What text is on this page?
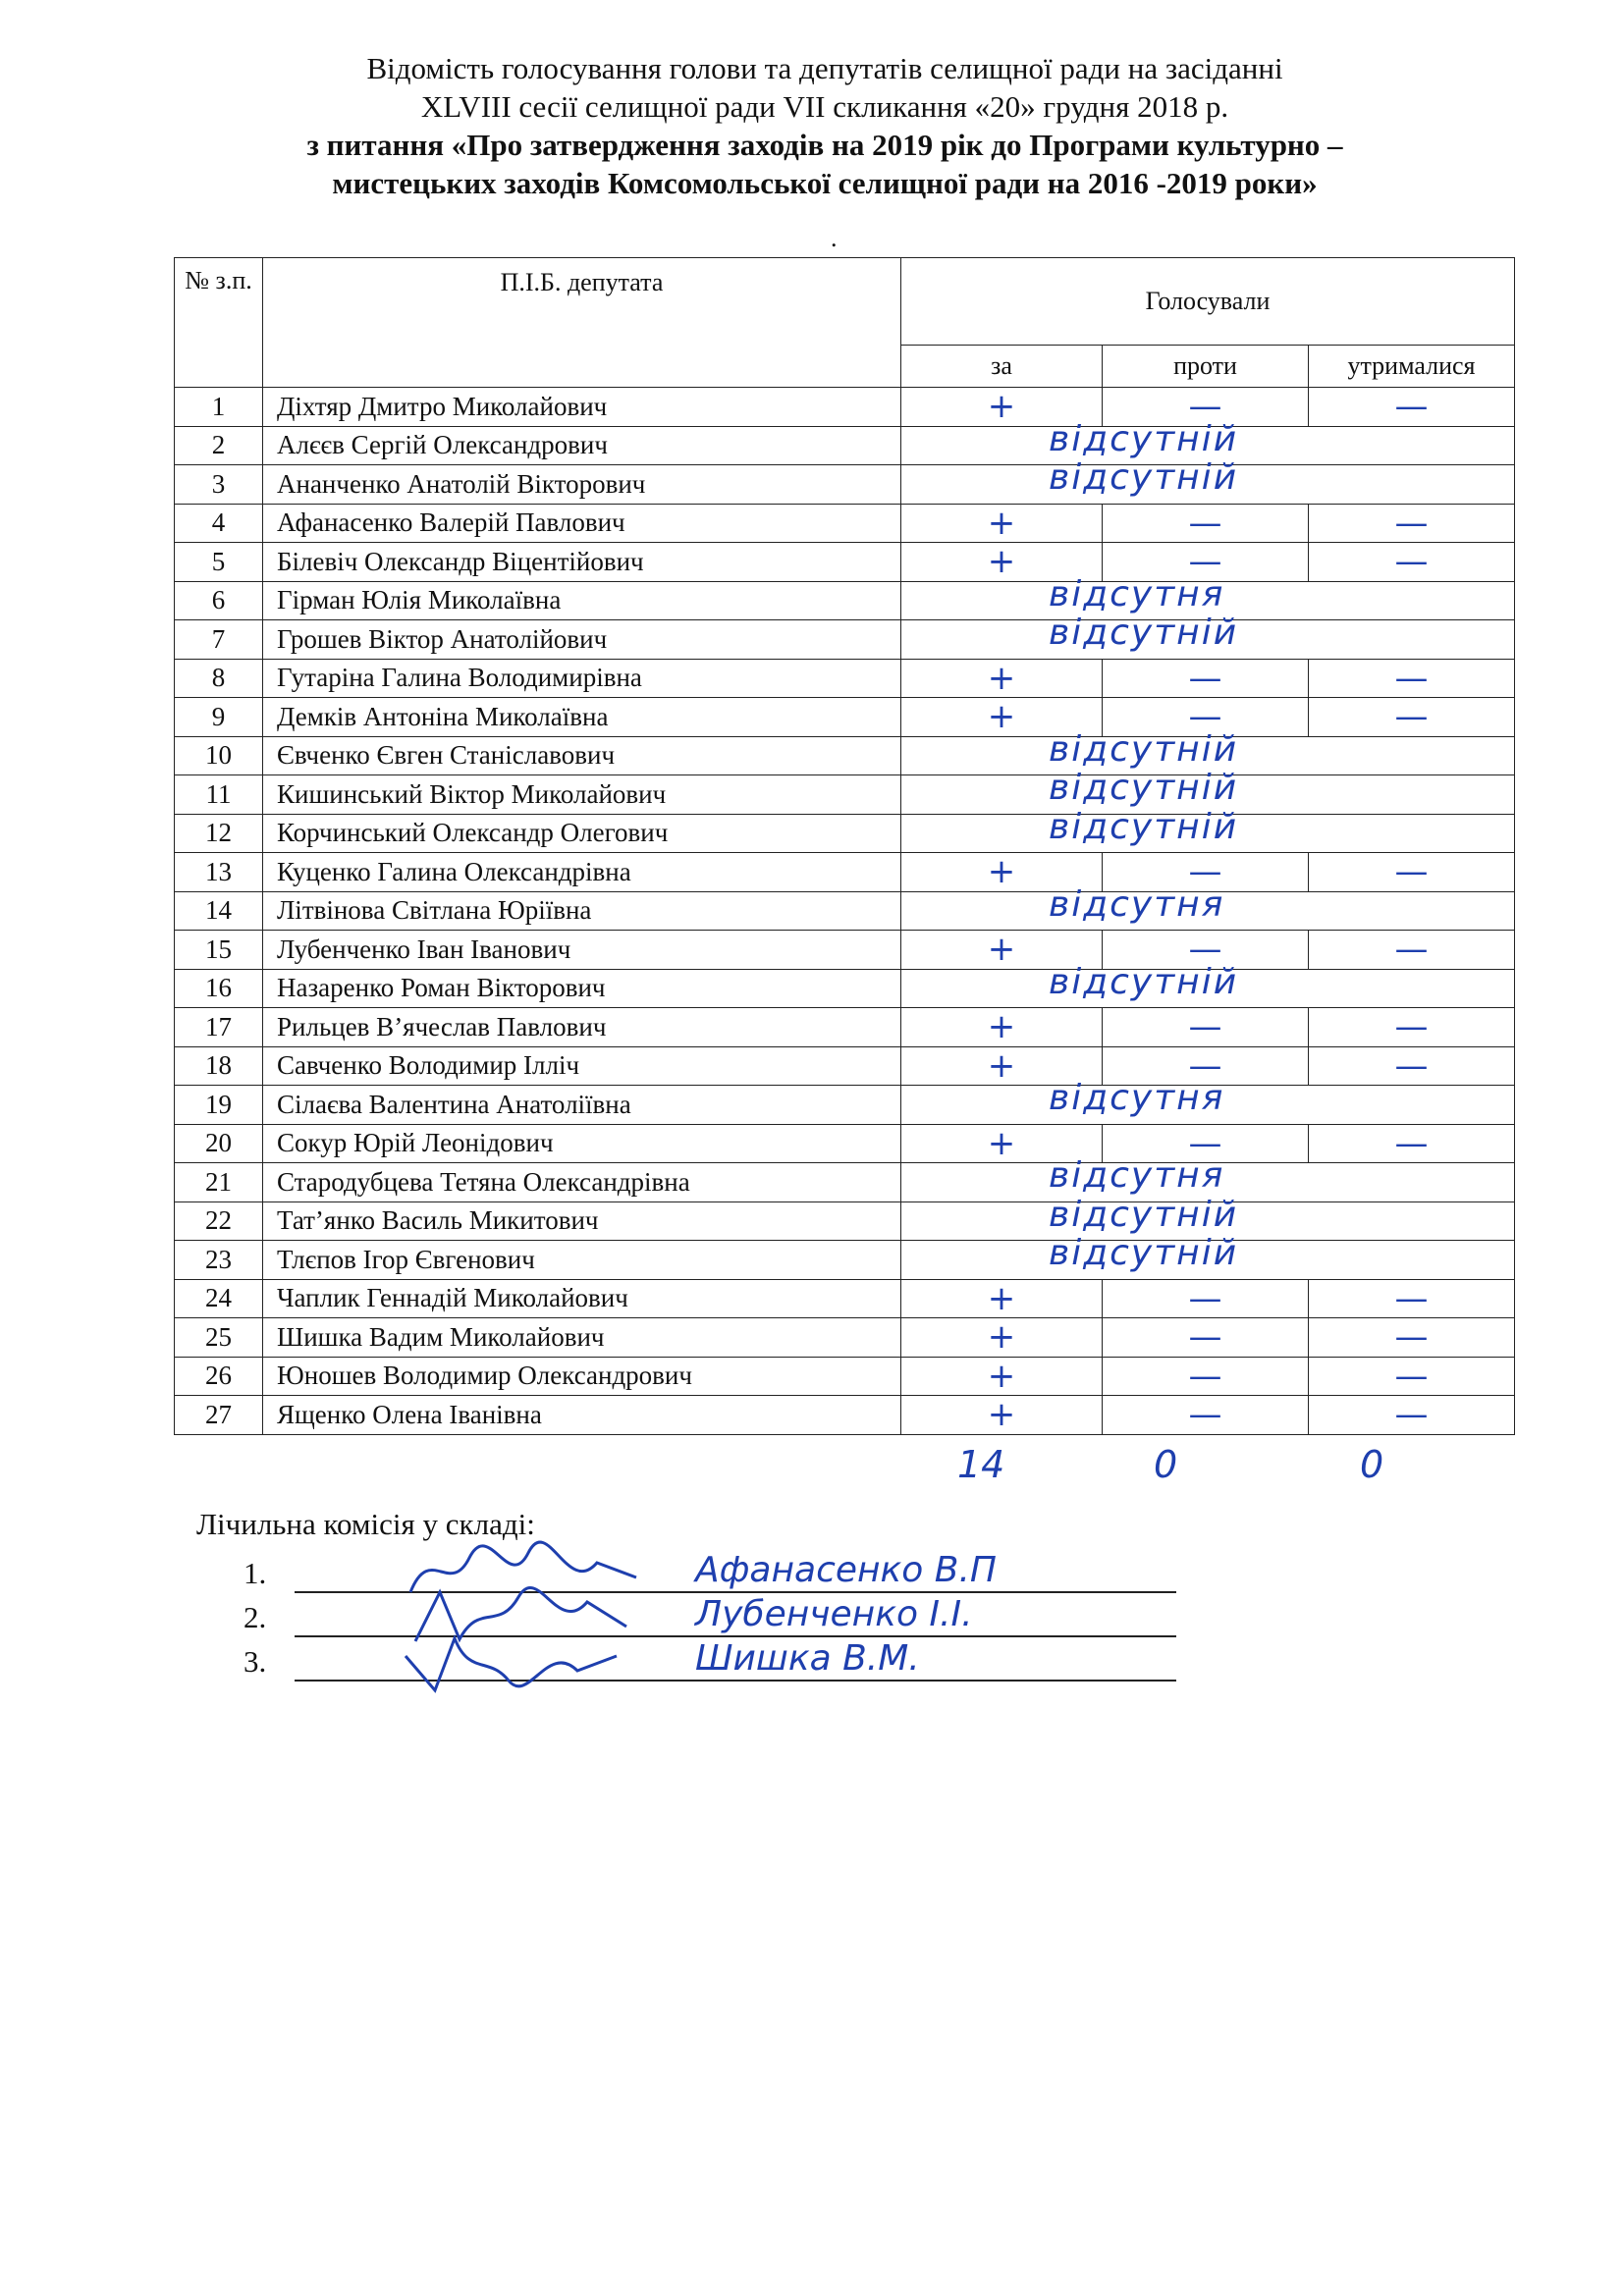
Відомість голосування голови та депутатів селищної ради на засіданні
XLVIII сесії селищної ради VII скликання «20» грудня 2018 р.
з питання «Про затвердження заходів на 2019 рік до Програми культурно –
мистецьких заходів Комсомольської селищної ради на 2016 -2019 роки»
.
№ з.п.	П.І.Б. депутата	Голосували		
		за	проти	утрималися
1	Діхтяр Дмитро Миколайович	+	—	—
2	Алєєв Сергій Олександрович	відсутній		

3	Ананченко Анатолій Вікторович	відсутній		

4	Афанасенко Валерій Павлович	+	—	—
5	Білевіч Олександр Віцентійович	+	—	—
6	Гірман Юлія Миколаївна	відсутня		

7	Грошев Віктор Анатолійович	відсутній		

8	Гутаріна Галина Володимирівна	+	—	—
9	Демків Антоніна Миколаївна	+	—	—
10	Євченко Євген Станіславович	відсутній		

11	Кишинський Віктор Миколайович	відсутній		

12	Корчинський Олександр Олегович	відсутній		

13	Куценко Галина Олександрівна	+	—	—
14	Літвінова Світлана Юріївна	відсутня		

15	Лубенченко Іван Іванович	+	—	—
16	Назаренко Роман Вікторович	відсутній		

17	Рильцев В’ячеслав Павлович	+	—	—
18	Савченко Володимир Ілліч	+	—	—
19	Сілаєва Валентина Анатоліївна	відсутня		

20	Сокур Юрій Леонідович	+	—	—
21	Стародубцева Тетяна Олександрівна	відсутня		

22	Тат’янко Василь Микитович	відсутній		

23	Тлєпов Ігор Євгенович	відсутній		

24	Чаплик Геннадій Миколайович	+	—	—
25	Шишка Вадим Миколайович	+	—	—
26	Юношев Володимир Олександрович	+	—	—
27	Ященко Олена Іванівна	+	—	—
14	0	0
Лічильна комісія у складі:
1.	Афанасенко В.П
2.	Лубенченко І.І.
3.	Шишка В.М.
